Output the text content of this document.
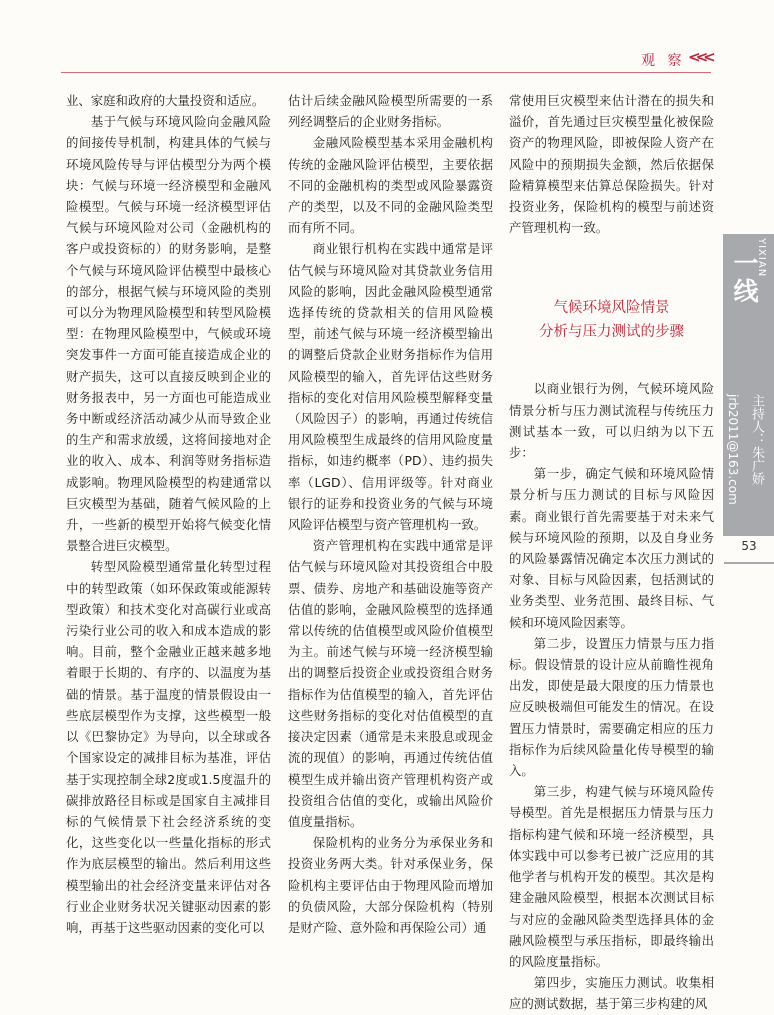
观 察 <<<

业、家庭和政府的大量投资和适应。

基于气候与环境风险向金融风险的间接传导机制，构建具体的气候与环境风险传导与评估模型分为两个模块：气候与环境一经济模型和金融风险模型。气候与环境一经济模型评估气候与环境风险对公司（金融机构的客户或投资标的）的财务影响，是整个气候与环境风险评估模型中最核心的部分，根据气候与环境风险的类别可以分为物理风险模型和转型风险模型：在物理风险模型中，气候或环境突发事件一方面可能直接造成企业的财产损失，这可以直接反映到企业的财务报表中，另一方面也可能造成业务中断或经济活动减少从而导致企业的生产和需求放缓，这将间接地对企业的收入、成本、利润等财务指标造成影响。物理风险模型的构建通常以巨灾模型为基础，随着气候风险的上升，一些新的模型开始将气候变化情景整合进巨灾模型。

转型风险模型通常量化转型过程中的转型政策（如环保政策或能源转型政策）和技术变化对高碳行业或高污染行业公司的收入和成本造成的影响。目前，整个金融业正越来越多地着眼于长期的、有序的、以温度为基础的情景。基于温度的情景假设由一些底层模型作为支撑，这些模型一般以《巴黎协定》为导向，以全球或各个国家设定的减排目标为基准，评估基于实现控制全球2度或1.5度温升的碳排放路径目标或是国家自主减排目标的气候情景下社会经济系统的变化，这些变化以一些量化指标的形式作为底层模型的输出。然后利用这些模型输出的社会经济变量来评估对各行业企业财务状况关键驱动因素的影响，再基于这些驱动因素的变化可以

估计后续金融风险模型所需要的一系列经调整后的企业财务指标。

金融风险模型基本采用金融机构传统的金融风险评估模型，主要依据不同的金融机构的类型或风险暴露资产的类型，以及不同的金融风险类型而有所不同。

商业银行机构在实践中通常是评估气候与环境风险对其贷款业务信用风险的影响，因此金融风险模型通常选择传统的贷款相关的信用风险模型，前述气候与环境一经济模型输出的调整后贷款企业财务指标作为信用风险模型的输入，首先评估这些财务指标的变化对信用风险模型解释变量（风险因子）的影响，再通过传统信用风险模型生成最终的信用风险度量指标，如违约概率（PD）、违约损失率（LGD）、信用评级等。针对商业银行的证券和投资业务的气候与环境风险评估模型与资产管理机构一致。

资产管理机构在实践中通常是评估气候与环境风险对其投资组合中股票、债券、房地产和基础设施等资产估值的影响，金融风险模型的选择通常以传统的估值模型或风险价值模型为主。前述气候与环境一经济模型输出的调整后投资企业或投资组合财务指标作为估值模型的输入，首先评估这些财务指标的变化对估值模型的直接决定因素（通常是未来股息或现金流的现值）的影响，再通过传统估值模型生成并输出资产管理机构资产或投资组合估值的变化，或输出风险价值度量指标。

保险机构的业务分为承保业务和投资业务两大类。针对承保业务，保险机构主要评估由于物理风险而增加的负债风险，大部分保险机构（特别是财产险、意外险和再保险公司）通

常使用巨灾模型来估计潜在的损失和溢价，首先通过巨灾模型量化被保险资产的物理风险，即被保险人资产在风险中的预期损失金额，然后依据保险精算模型来估算总保险损失。针对投资业务，保险机构的模型与前述资产管理机构一致。

气候环境风险情景
分析与压力测试的步骤

以商业银行为例，气候环境风险情景分析与压力测试流程与传统压力测试基本一致，可以归纳为以下五步：

第一步，确定气候和环境风险情景分析与压力测试的目标与风险因素。商业银行首先需要基于对未来气候与环境风险的预期，以及自身业务的风险暴露情况确定本次压力测试的对象、目标与风险因素，包括测试的业务类型、业务范围、最终目标、气候和环境风险因素等。

第二步，设置压力情景与压力指标。假设情景的设计应从前瞻性视角出发，即使是最大限度的压力情景也应反映极端但可能发生的情况。在设置压力情景时，需要确定相应的压力指标作为后续风险量化传导模型的输入。

第三步，构建气候与环境风险传导模型。首先是根据压力情景与压力指标构建气候和环境一经济模型，具体实践中可以参考已被广泛应用的其他学者与机构开发的模型。其次是构建金融风险模型，根据本次测试目标与对应的金融风险类型选择具体的金融风险模型与承压指标，即最终输出的风险度量指标。

第四步，实施压力测试。收集相应的测试数据，基于第三步构建的风

YIXIAN
一线
主持人：朱广娇
jrb2011@163.com
53
